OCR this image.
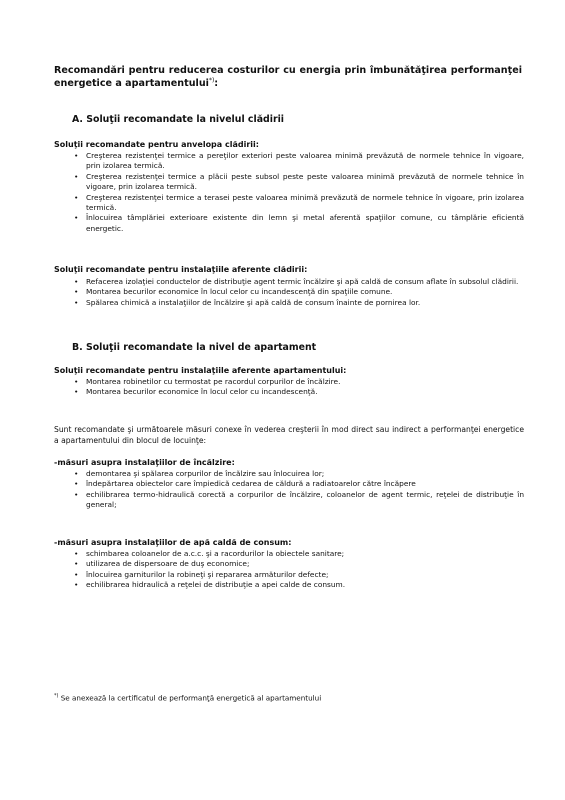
Recomandări pentru reducerea costurilor cu energia prin îmbunătăţirea performanţei energetice a apartamentului*):
A. Soluţii recomandate la nivelul clădirii
Soluţii recomandate pentru anvelopa clădirii:
• Creşterea rezistenţei termice a pereţilor exteriori peste valoarea minimă prevăzută de normele tehnice în vigoare, prin izolarea termică.
• Creşterea rezistenţei termice a plăcii peste subsol peste peste valoarea minimă prevăzută de normele tehnice în vigoare, prin izolarea termică.
• Creşterea rezistenţei termice a terasei peste valoarea minimă prevăzută de normele tehnice în vigoare, prin izolarea termică.
• Înlocuirea tâmplăriei exterioare existente din lemn şi metal aferentă spaţiilor comune, cu tâmplărie eficientă energetic.
Soluţii recomandate pentru instalaţiile aferente clădirii:
• Refacerea izolaţiei conductelor de distribuţie agent termic încălzire şi apă caldă de consum aflate în subsolul clădirii.
• Montarea becurilor economice în locul celor cu incandescenţă din spaţiile comune.
• Spălarea chimică a instalaţiilor de încălzire şi apă caldă de consum înainte de pornirea lor.
B. Soluţii recomandate la nivel de apartament
Soluţii recomandate pentru instalaţiile aferente apartamentului:
• Montarea robinetilor cu termostat pe racordul corpurilor de încălzire.
• Montarea becurilor economice în locul celor cu incandescenţă.
Sunt recomandate şi următoarele măsuri conexe în vederea creşterii în mod direct sau indirect a performanţei energetice a apartamentului din blocul de locuinţe:
-măsuri asupra instalaţiilor de încălzire:
• demontarea şi spălarea corpurilor de încălzire sau înlocuirea lor;
• îndepărtarea obiectelor care împiedică cedarea de căldură a radiatoarelor către încăpere
• echilibrarea termo-hidraulică corectă a corpurilor de încălzire, coloanelor de agent termic, reţelei de distribuţie în general;
-măsuri asupra instalaţiilor de apă caldă de consum:
• schimbarea coloanelor de a.c.c. şi a racordurilor la obiectele sanitare;
• utilizarea de dispersoare de duş economice;
• înlocuirea garniturilor la robineţi şi repararea armăturilor defecte;
• echilibrarea hidraulică a reţelei de distribuţie a apei calde de consum.
*) Se anexează la certificatul de performanţă energetică al apartamentului
